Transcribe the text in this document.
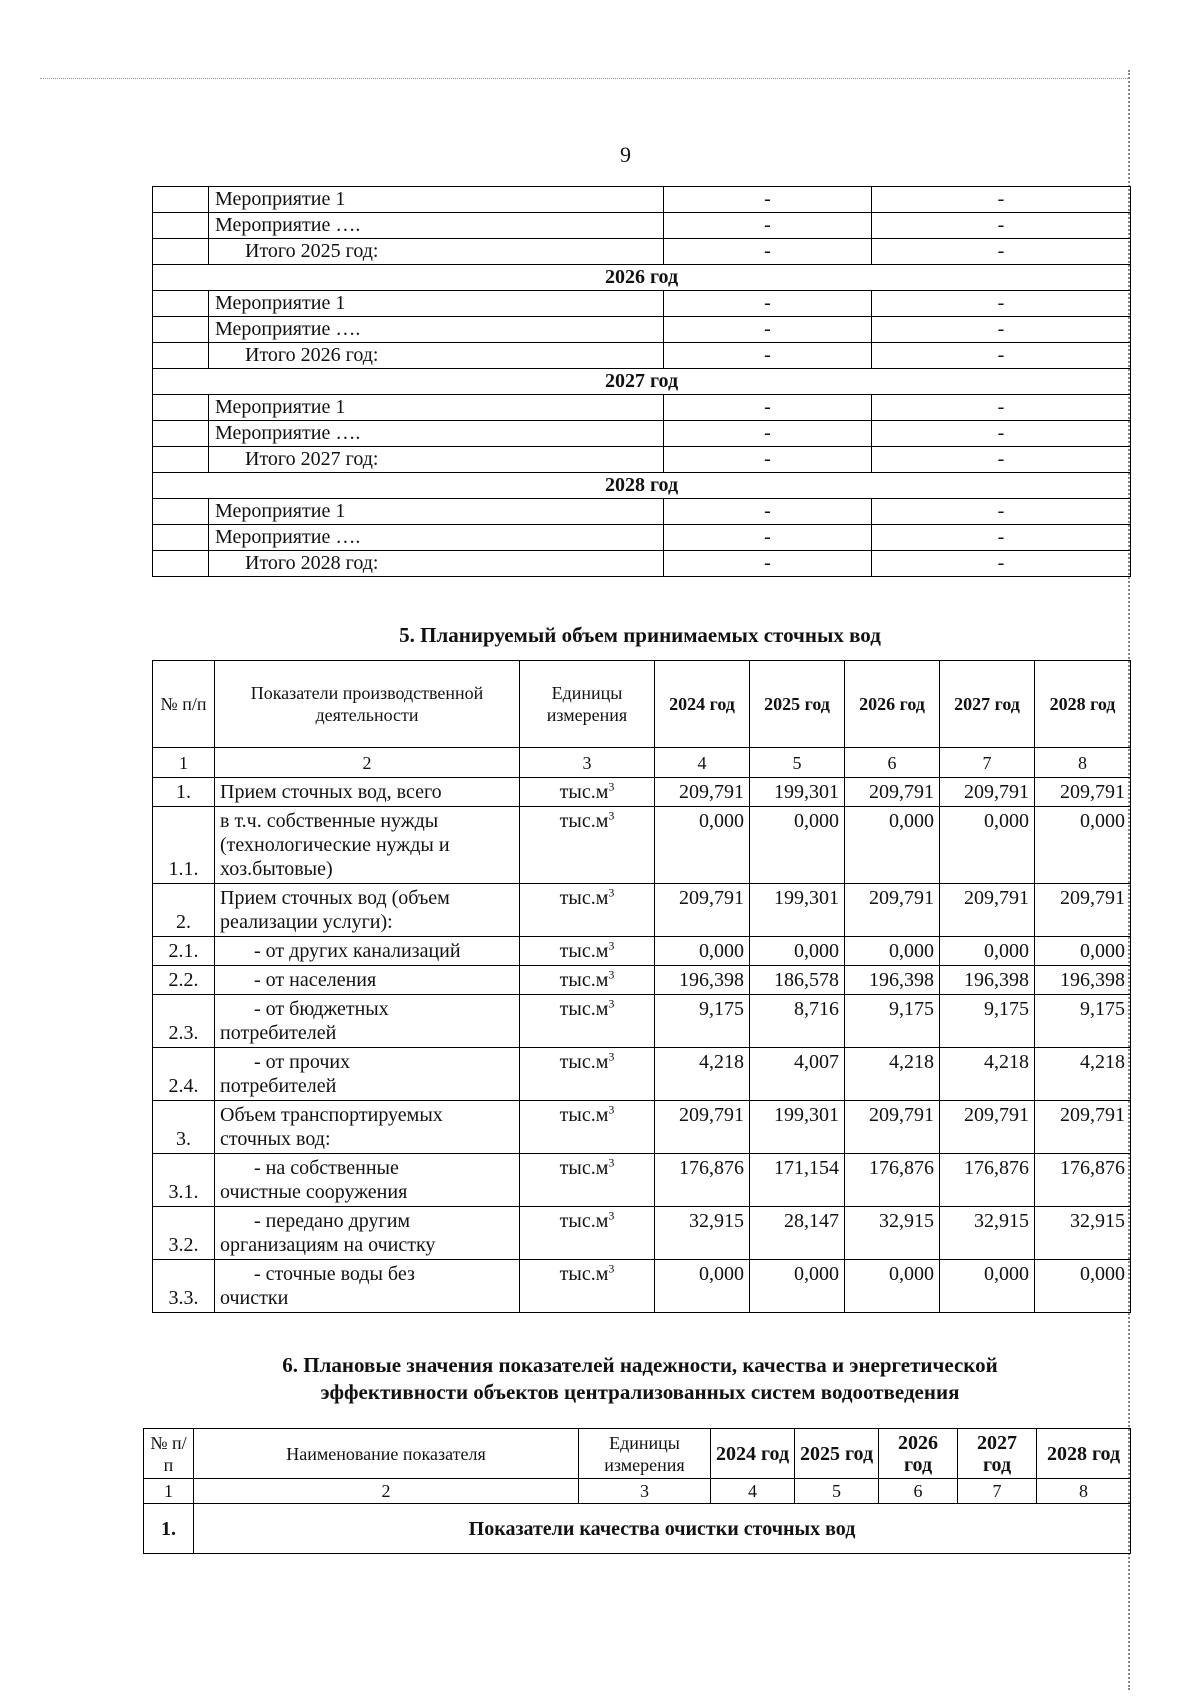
9
	Мероприятие 1	-	-
	Мероприятие ….	-	-
	Итого 2025 год:	-	-
2026 год			
	Мероприятие 1	-	-
	Мероприятие ….	-	-
	Итого 2026 год:	-	-
2027 год			
	Мероприятие 1	-	-
	Мероприятие ….	-	-
	Итого 2027 год:	-	-
2028 год			
	Мероприятие 1	-	-
	Мероприятие ….	-	-
	Итого 2028 год:	-	-
5. Планируемый объем принимаемых сточных вод
№ п/п	Показатели производственной деятельности	Единицы измерения	2024 год	2025 год	2026 год	2027 год	2028 год
1	2	3	4	5	6	7	8
1.	Прием сточных вод, всего	$тыс.м^3$	209,791	199,301	209,791	209,791	209,791
1.1.	в т.ч. собственные нужды (технологические нужды и хоз.бытовые)	$тыс.м^3$	0,000	0,000	0,000	0,000	0,000
2.	Прием сточных вод (объем реализации услуги):	$тыс.м^3$	209,791	199,301	209,791	209,791	209,791
2.1.	- от других канализаций	$тыс.м^3$	0,000	0,000	0,000	0,000	0,000
2.2.	- от населения	$тыс.м^3$	196,398	186,578	196,398	196,398	196,398
2.3.	- от бюджетных
потребителей	$тыс.м^3$	9,175	8,716	9,175	9,175	9,175
2.4.	- от прочих
потребителей	$тыс.м^3$	4,218	4,007	4,218	4,218	4,218
3.	Объем транспортируемых сточных вод:	$тыс.м^3$	209,791	199,301	209,791	209,791	209,791
3.1.	- на собственные
очистные сооружения	$тыс.м^3$	176,876	171,154	176,876	176,876	176,876
3.2.	- передано другим
организациям на очистку	$тыс.м^3$	32,915	28,147	32,915	32,915	32,915
3.3.	- сточные воды без
очистки	$тыс.м^3$	0,000	0,000	0,000	0,000	0,000
6. Плановые значения показателей надежности, качества и энергетической
эффективности объектов централизованных систем водоотведения
№ п/п	Наименование показателя	Единицы измерения	2024 год	2025 год	2026 год	2027 год	2028 год
1	2	3	4	5	6	7	8
1.	Показатели качества очистки сточных вод						
